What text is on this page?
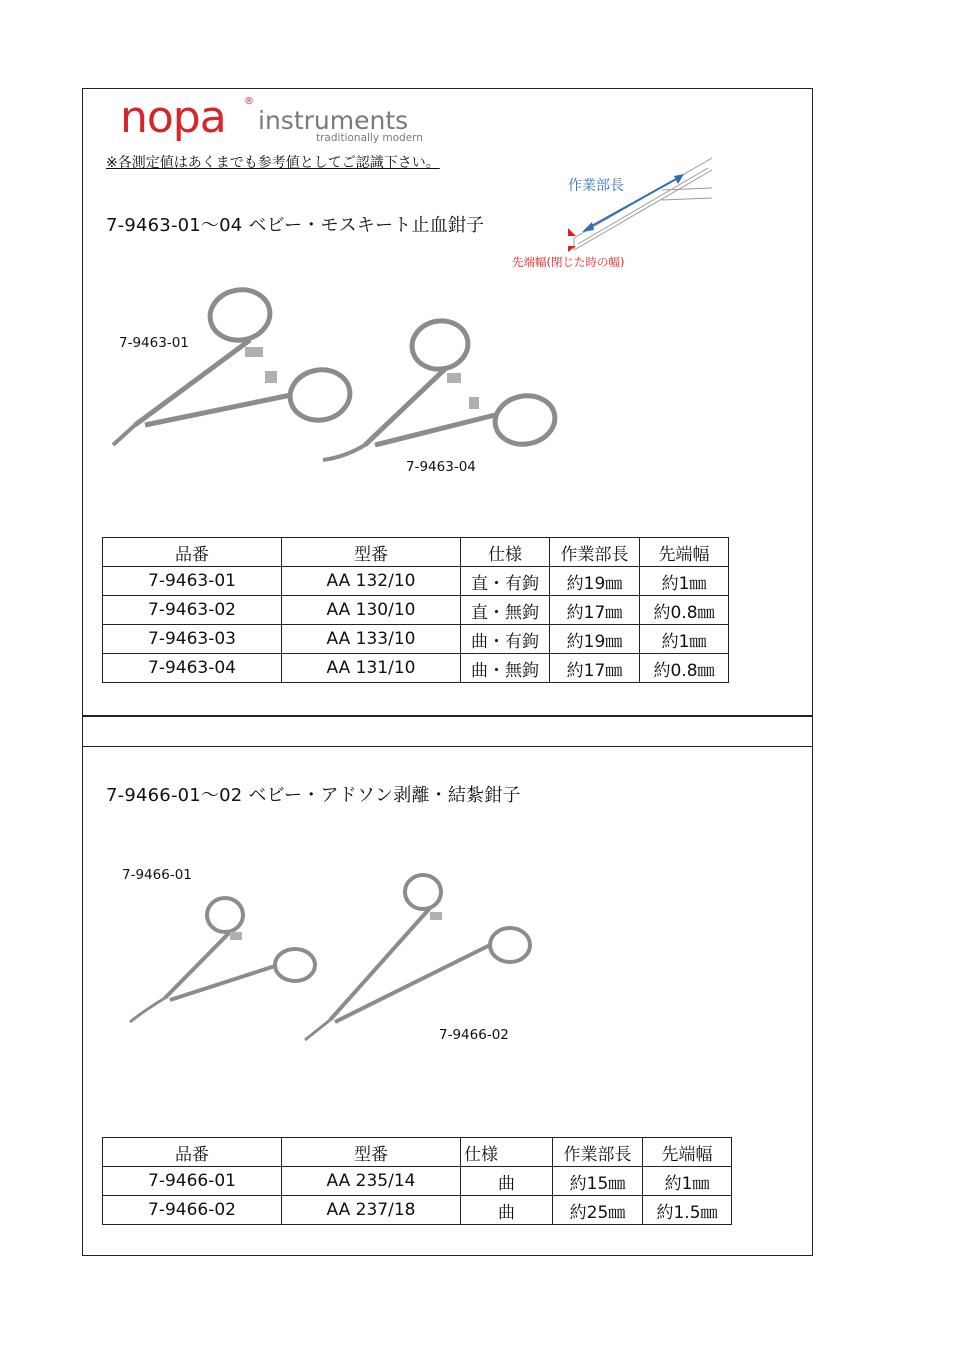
nopa ®
instruments
traditionally modern
※各測定値はあくまでも参考値としてご認識下さい。
作業部長
先端幅(閉じた時の幅)
7-9463-01～04 ベビー・モスキート止血鉗子
7-9463-01
7-9463-04
品番	型番	仕様	作業部長	先端幅
7-9463-01	AA 132/10	直・有鉤	約19㎜	約1㎜
7-9463-02	AA 130/10	直・無鉤	約17㎜	約0.8㎜
7-9463-03	AA 133/10	曲・有鉤	約19㎜	約1㎜
7-9463-04	AA 131/10	曲・無鉤	約17㎜	約0.8㎜
7-9466-01～02 ベビー・アドソン剥離・結紮鉗子
7-9466-01
7-9466-02
品番	型番	仕様	作業部長	先端幅
7-9466-01	AA 235/14	曲	約15㎜	約1㎜
7-9466-02	AA 237/18	曲	約25㎜	約1.5㎜
